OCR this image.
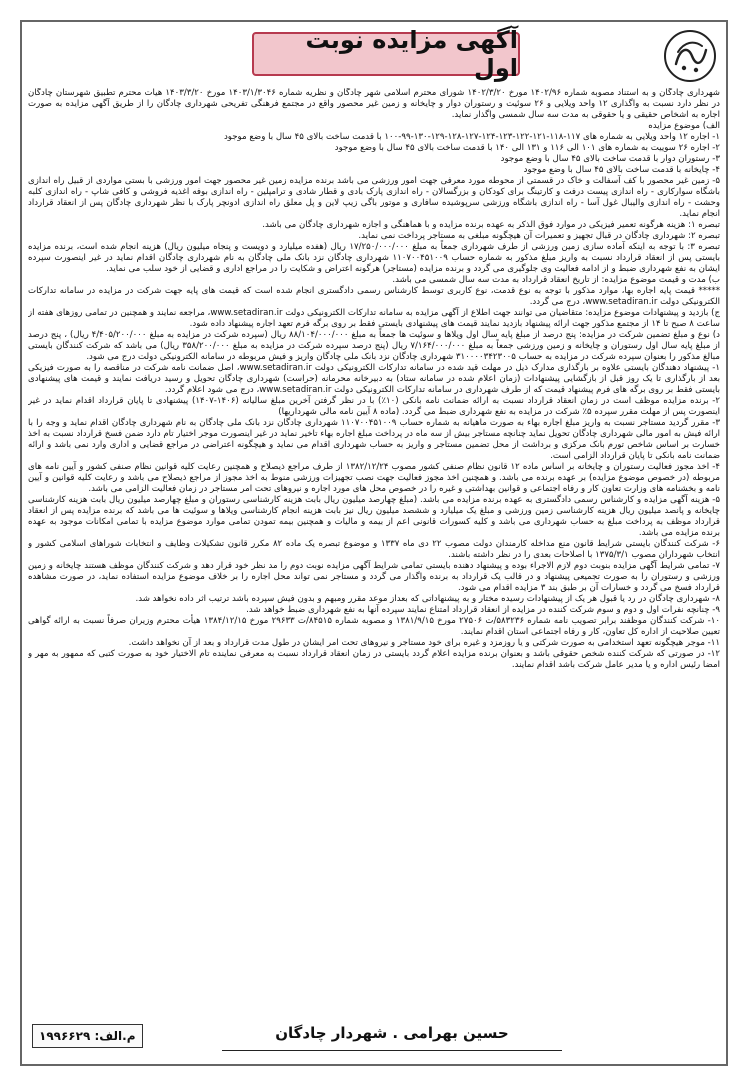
آگهی مزایده نوبت اول

شهرداری چادگان و به استناد مصوبه شماره ۱۴۰۲/۹۶ مورخ ۱۴۰۲/۳/۲۰ شورای محترم اسلامی شهر چادگان و نظریه شماره ۱۴۰۳/۱/۳۰۴۶ مورخ ۱۴۰۳/۳/۲۰ هیأت محترم تطبیق شهرستان چادگان در نظر دارد نسبت به واگذاری ۱۲ واحد ویلایی و ۲۶ سوئیت و رستوران دوار و چایخانه و زمین غیر محصور واقع در مجتمع فرهنگی تفریحی شهرداری چادگان را از طریق آگهی مزایده به صورت اجاره به اشخاص حقیقی و یا حقوقی به مدت سه سال شمسی واگذار نماید.

الف) موضوع مزایده

۱- اجاره ۱۲ واحد ویلایی به شماره های ۱۱۷-۱۱۸-۱۲۱-۱۲۲-۱۲۳-۱۲۴-۱۲۷-۱۲۸-۱۲۹-۱۳۰-۹۹-۱۰۰ با قدمت ساخت بالای ۴۵ سال با وضع موجود

۲- اجاره ۲۶ سوییت به شماره های ۱۰۱ الی ۱۱۶ و ۱۳۱ الی ۱۴۰ با قدمت ساخت بالای ۴۵ سال با وضع موجود

۳- رستوران دوار با قدمت ساخت بالای ۴۵ سال با وضع موجود

۴- چایخانه با قدمت ساخت بالای ۴۵ سال با وضع موجود

۵- زمین غیر محصور با کف آسفالت و خاک در قسمتی از محوطه مورد معرفی جهت امور ورزشی می باشد برنده مزایده زمین غیر محصور جهت امور ورزشی با بستی مواردی از قبیل راه اندازی باشگاه سوارکاری - راه اندازی پیست درفت و کارتینگ برای کودکان و بزرگسالان - راه اندازی پارک بادی و قطار شادی و ترامپلین - راه اندازی بوفه اغذیه فروشی و کافی شاپ - راه اندازی کلبه وحشت - راه اندازی والیبال غول آسا - راه اندازی باشگاه ورزشی سرپوشیده سافاری و موتور باگی زیپ لاین و پل معلق راه اندازی ادونچر پارک با نظر شهرداری چادگان پس از انعقاد قرارداد انجام نماید.

تبصره ۱: هزینه هرگونه تعمیر فیزیکی در موارد فوق الذکر به عهده برنده مزایده و با هماهنگی و اجازه شهرداری چادگان می باشد.

تبصره ۲: شهرداری چادگان در قبال تجهیز و تعمیرات آن هیچگونه مبلغی به مستاجر پرداخت نمی نماید.

تبصره ۳: با توجه به اینکه آماده سازی زمین ورزشی از طرف شهرداری جمعاً به مبلغ ۱۷/۲۵۰/۰۰۰/۰۰۰ ریال (هفده میلیارد و دویست و پنجاه میلیون ریال) هزینه انجام شده است، برنده مزایده بایستی پس از انعقاد قرارداد نسبت به واریز مبلغ مذکور به شماره حساب ۱۱۰۷۰۰۴۵۱۰۰۹ شهرداری چادگان نزد بانک ملی چادگان به نام شهرداری چادگان اقدام نماید در غیر اینصورت سپرده ایشان به نفع شهرداری ضبط و از ادامه فعالیت وی جلوگیری می گردد و برنده مزایده (مستاجر) هرگونه اعتراض و شکایت را در مراجع اداری و قضایی از خود سلب می نماید.

ب) مدت و قیمت موضوع مزایده: از تاریخ انعقاد قرارداد به مدت سه سال شمسی می باشد.

***** قیمت پایه اجاره بها، موارد مذکور با توجه به نوع قدمت، نوع کاربری توسط کارشناس رسمی دادگستری انجام شده است که قیمت های پایه جهت شرکت در مزایده در سامانه تدارکات الکترونیکی دولت www.setadiran.ir، درج می گردد.

ج) بازدید و پیشنهادات موضوع مزایده: متقاضیان می توانند جهت اطلاع از آگهی مزایده به سامانه تدارکات الکترونیکی دولت www.setadiran.ir، مراجعه نمایند و همچنین در تمامی روزهای هفته از ساعت ۸ صبح تا ۱۴ از مجتمع مذکور جهت ارائه پیشنهاد بازدید نمایند قیمت های پیشنهادی بایستی فقط بر روی برگه فرم تعهد اجاره پیشنهاد داده شود.

د) نوع و مبلغ تضمین شرکت در مزایده: پنج درصد از مبلغ پایه سال اول ویلاها و سوئیت ها جمعاً به مبلغ ۸۸/۱۰۴/۰۰۰/۰۰۰ ریال (سپرده شرکت در مزایده به مبلغ ۴/۴۰۵/۲۰۰/۰۰۰ ریال) ، پنج درصد از مبلغ پایه سال اول رستوران و چایخانه و زمین ورزشی جمعاً به مبلغ ۷/۱۶۴/۰۰۰/۰۰۰ ریال (پنج درصد سپرده شرکت در مزایده به مبلغ ۳۵۸/۲۰۰/۰۰۰ ریال) می باشد که شرکت کنندگان بایستی مبالغ مذکور را بعنوان سپرده شرکت در مزایده به حساب ۳۱۰۰۰۰۳۴۲۳۰۰۵ شهرداری چادگان نزد بانک ملی چادگان واریز و فیش مربوطه در سامانه الکترونیکی دولت درج می شود.

۱- پیشنهاد دهندگان بایستی علاوه بر بارگذاری مدارک ذیل در مهلت قید شده در سامانه تدارکات الکترونیکی دولت www.setadiran.ir، اصل ضمانت نامه شرکت در مناقصه را به صورت فیزیکی بعد از بارگذاری تا یک روز قبل از بازگشایی پیشنهادات (زمان اعلام شده در سامانه ستاد) به دبیرخانه محرمانه (حراست) شهرداری چادگان تحویل و رسید دریافت نمایند و قیمت های پیشنهادی بایستی فقط بر روی برگه های فرم پیشنهاد قیمت که از طرف شهرداری در سامانه تدارکات الکترونیکی دولت www.setadiran.ir، درج می شود اعلام گردد.

۲- برنده مزایده موظف است در زمان انعقاد قرارداد نسبت به ارائه ضمانت نامه بانکی (۱۰٪) با در نظر گرفتن آخرین مبلغ سالیانه (۱۴۰۶-۱۴۰۷) پیشنهادی تا پایان قرارداد اقدام نماید در غیر اینصورت پس از مهلت مقرر سپرده ۵٪ شرکت در مزایده به نفع شهرداری ضبط می گردد. (ماده ۸ آیین نامه مالی شهرداریها)

۳- مقرر گردید مستاجر نسبت به واریز مبلغ اجاره بهاء به صورت ماهیانه به شماره حساب ۱۱۰۷۰۰۴۵۱۰۰۹ شهرداری چادگان نزد بانک ملی چادگان به نام شهرداری چادگان اقدام نماید و وجه را با ارائه فیش به امور مالی شهرداری چادگان تحویل نماید چنانچه مستاجر بیش از سه ماه در پرداخت مبلغ اجاره بهاء تاخیر نماید در غیر اینصورت موجر اختیار تام دارد ضمن فسخ قرارداد نسبت به اخذ خسارت بر اساس شاخص تورم بانک مرکزی و برداشت از محل تضمین مستاجر و واریز به حساب شهرداری اقدام می نماید و هیچگونه اعتراضی در مراجع قضایی و اداری وارد نمی باشد و ارائه ضمانت نامه بانکی تا پایان قرارداد الزامی است.

۴- اخذ مجوز فعالیت رستوران و چایخانه بر اساس ماده ۱۲ قانون نظام صنفی کشور مصوب ۱۳۸۲/۱۲/۲۴ از طرف مراجع ذیصلاح و همچنین رعایت کلیه قوانین نظام صنفی کشور و آیین نامه های مربوطه (در خصوص موضوع مزایده) بر عهده برنده می باشد. و همچنین اخذ مجوز فعالیت جهت نصب تجهیزات ورزشی منوط به اخذ مجوز از مراجع ذیصلاح می باشد و رعایت کلیه قوانین و آیین نامه و بخشنامه های وزارت تعاون کار و رفاه اجتماعی و قوانین بهداشتی و غیره را در خصوص محل های مورد اجاره و نیروهای تحت امر مستاجر در زمان فعالیت الزامی می باشد.

۵- هزینه آگهی مزایده و کارشناس رسمی دادگستری به عهده برنده مزایده می باشد. (مبلغ چهارصد میلیون ریال بابت هزینه کارشناسی رستوران و مبلغ چهارصد میلیون ریال بابت هزینه کارشناسی چایخانه و پانصد میلیون ریال هزینه کارشناسی زمین ورزشی و مبلغ یک میلیارد و ششصد میلیون ریال نیز بابت هزینه انجام کارشناسی ویلاها و سوئیت ها می باشد که برنده مزایده پس از انعقاد قرارداد موظف به پرداخت مبلغ به حساب شهرداری می باشد و کلیه کسورات قانونی اعم از بیمه و مالیات و همچنین بیمه تمودن تمامی موارد موضوع مزایده با تمامی امکانات موجود به عهده برنده مزایده می باشد.

۶- شرکت کنندگان بایستی شرایط قانون منع مداخله کارمندان دولت مصوب ۲۲ دی ماه ۱۳۳۷ و موضوع تبصره یک ماده ۸۲ مکرر قانون تشکیلات وظایف و انتخابات شوراهای اسلامی کشور و انتخاب شهرداران مصوب ۱۳۷۵/۳/۱ با اصلاحات بعدی را در نظر داشته باشند.

۷- تمامی شرایط آگهی مزایده بنوبت دوم لازم الاجراء بوده و پیشنهاد دهنده بایستی تمامی شرایط آگهی مزایده نوبت دوم را مد نظر خود قرار دهد و شرکت کنندگان موظف هستند چایخانه و زمین ورزشی و رستوران را به صورت تجمیعی پیشنهاد و در قالب یک قرارداد به برنده واگذار می گردد و مستاجر نمی تواند محل اجاره را بر خلاف موضوع مزایده استفاده نماید، در صورت مشاهده قرارداد فسخ می گردد و خسارات آن بر طبق بند ۳ مزایده اقدام می شود.

۸- شهرداری چادگان در رد یا قبول هر یک از پیشنهادات رسیده مختار و به پیشنهاداتی که بعداز موعد مقرر ومبهم و بدون فیش سپرده باشد ترتیب اثر داده نخواهد شد.

۹- چنانچه نفرات اول و دوم و سوم شرکت کننده در مزایده از انعقاد قرارداد امتناع نمایند سپرده آنها به نفع شهرداری ضبط خواهد شد.

۱۰- شرکت کنندگان موظفند برابر تصویب نامه شماره ۵۸۳۲۳۶/ت ۲۷۵۰۶ مورخ ۱۳۸۱/۹/۱۵ و مصوبه شماره ۸۴۵۱۵/ت ۲۹۶۳۳ مورخ ۱۳۸۴/۱۲/۱۵ هیأت محترم وزیران صرفاً نسبت به ارائه گواهی تعیین صلاحیت از اداره کل تعاون، کار و رفاه اجتماعی استان اقدام نمایند.

۱۱- موجر هیچگونه تعهد استخدامی به صورت شرکتی و یا روزمزد و غیره برای خود مستاجر و نیروهای تحت امر ایشان در طول مدت قرارداد و بعد از آن نخواهد داشت.

۱۲- در صورتی که شرکت کننده شخص حقوقی باشد و بعنوان برنده مزایده اعلام گردد بایستی در زمان انعقاد قرارداد نسبت به معرفی نماینده تام الاختیار خود به صورت کتبی که ممهور به مهر و امضا رئیس اداره و یا مدیر عامل شرکت باشد اقدام نمایند.

م.الف: ۱۹۹۶۶۲۹	حسین بهرامی . شهردار چادگان
